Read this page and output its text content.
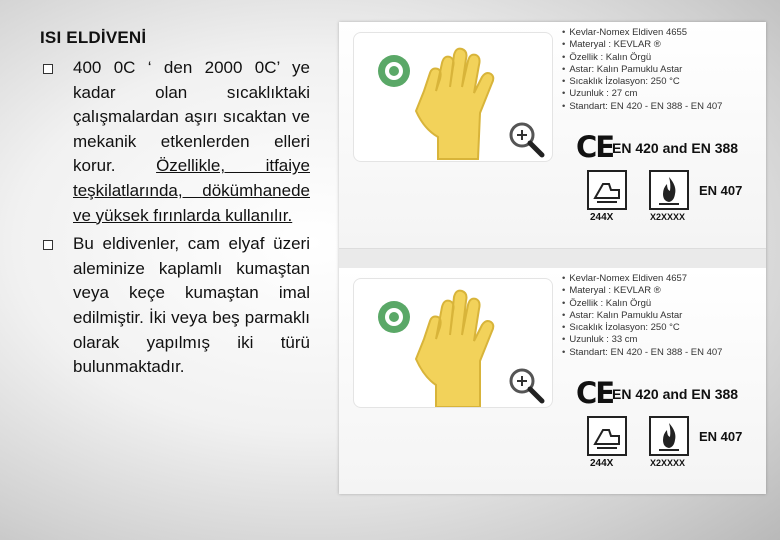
ISI ELDİVENİ
400 0C ‘ den 2000 0C’ ye kadar olan sıcaklıktaki çalışmalardan aşırı sıcaktan ve mekanik etkenlerden elleri korur. Özellikle, itfaiye teşkilatlarında, dökümhanede ve yüksek fırınlarda kullanılır.
Bu eldivenler, cam elyaf üzeri aleminize kaplamlı kumaştan veya keçe kumaştan imal edilmiştir. İki veya beş parmaklı olarak yapılmış iki türü bulunmaktadır.
• Kevlar-Nomex Eldiven 4655
• Materyal : KEVLAR ®
• Özellik : Kalın Örgü
• Astar: Kalın Pamuklu Astar
• Sıcaklık İzolasyon: 250 °C
• Uzunluk : 27 cm
• Standart: EN 420 - EN 388 - EN 407
CE
EN 420 and EN 388
244X	X2XXXX
EN 407
• Kevlar-Nomex Eldiven 4657
• Materyal : KEVLAR ®
• Özellik : Kalın Örgü
• Astar: Kalın Pamuklu Astar
• Sıcaklık İzolasyon: 250 °C
• Uzunluk : 33 cm
• Standart: EN 420 - EN 388 - EN 407
CE
EN 420 and EN 388
244X	X2XXXX
EN 407
